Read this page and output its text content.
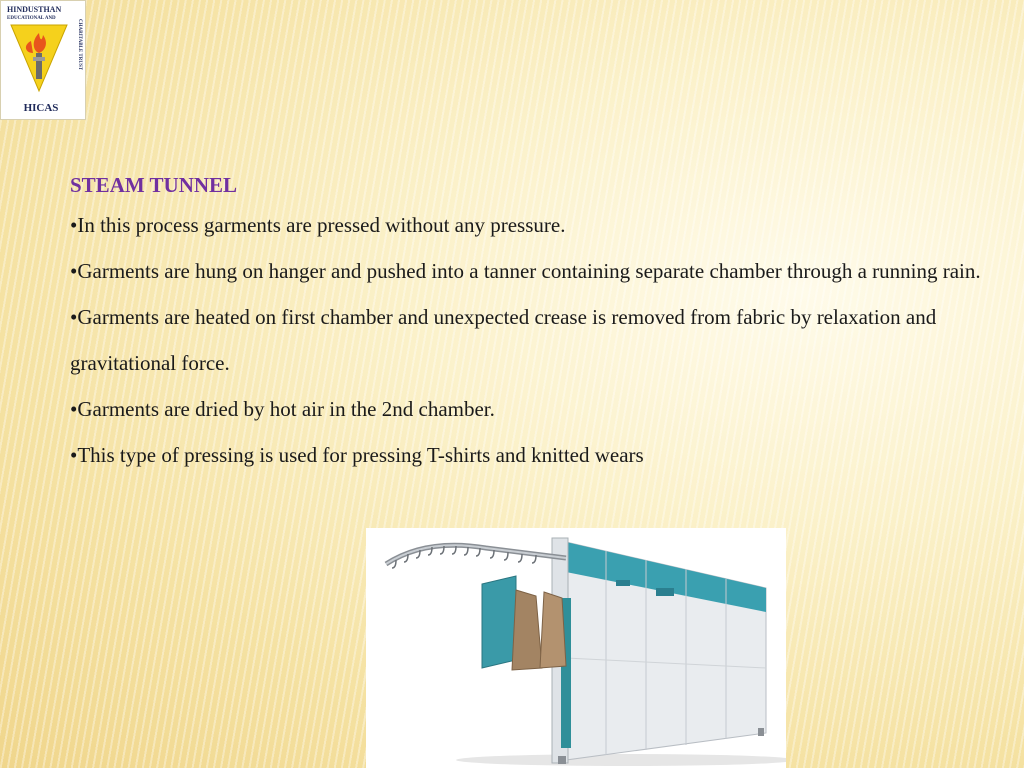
HINDUSTHAN
EDUCATIONAL AND
CHARITABLE TRUST
HICAS

STEAM TUNNEL

•In this process garments are pressed without any pressure.

•Garments are hung on hanger and pushed into a tanner containing separate chamber through a running rain.

•Garments are heated on first chamber and unexpected crease is removed from fabric by relaxation and gravitational force.

•Garments are dried by hot air in the 2nd chamber.

•This type of pressing is used for pressing T-shirts and knitted wears
